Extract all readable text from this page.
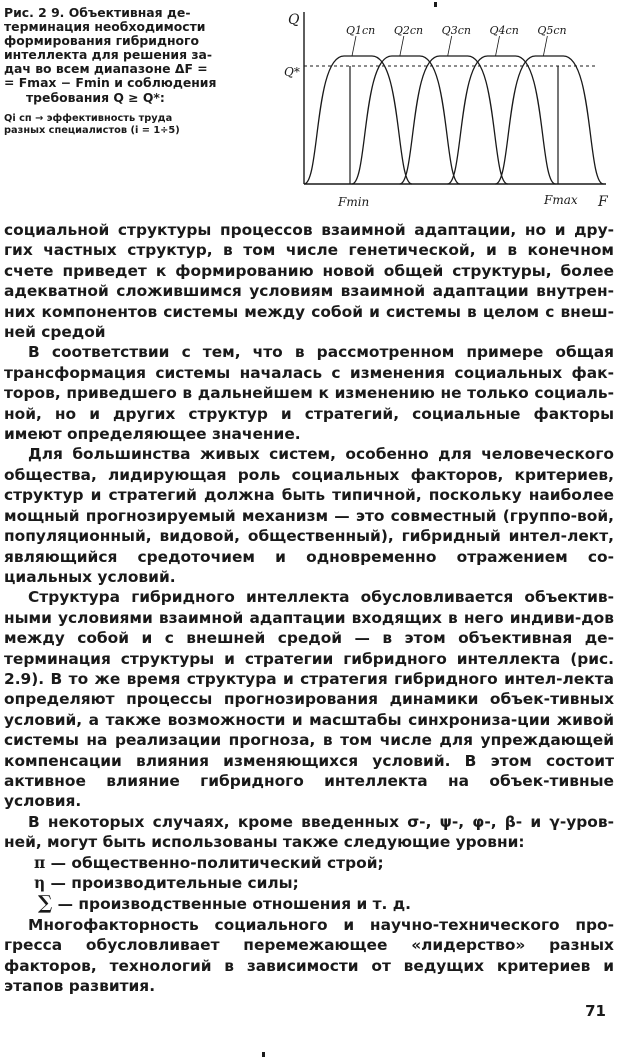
Рис. 2 9. Объективная де-
терминация необходимости
формирования гибридного
интеллекта для решения за-
дач во всем диапазоне ΔF =
= Fmax − Fmin и соблюдения
требования Q ≥ Q*:
Qi cп → эффективность труда
разных специалистов (i = 1÷5)
Q
F
Q*
Fmin	Fmax
Q1сп Q2сп Q3сп Q4сп Q5сп

социальной структуры процессов взаимной адаптации, но и дру-гих частных структур, в том числе генетической, и в конечном счете приведет к формированию новой общей структуры, более адекватной сложившимся условиям взаимной адаптации внутрен-них компонентов системы между собой и системы в целом с внеш-ней средой

В соответствии с тем, что в рассмотренном примере общая трансформация системы началась с изменения социальных фак-торов, приведшего в дальнейшем к изменению не только социаль-ной, но и других структур и стратегий, социальные факторы имеют определяющее значение.

Для большинства живых систем, особенно для человеческого общества, лидирующая роль социальных факторов, критериев, структур и стратегий должна быть типичной, поскольку наиболее мощный прогнозируемый механизм — это совместный (группо-вой, популяционный, видовой, общественный), гибридный интел-лект, являющийся средоточием и одновременно отражением со-циальных условий.

Структура гибридного интеллекта обусловливается объектив-ными условиями взаимной адаптации входящих в него индиви-дов между собой и с внешней средой — в этом объективная де-терминация структуры и стратегии гибридного интеллекта (рис. 2.9). В то же время структура и стратегия гибридного интел-лекта определяют процессы прогнозирования динамики объек-тивных условий, а также возможности и масштабы синхрониза-ции живой системы на реализации прогноза, в том числе для упреждающей компенсации влияния изменяющихся условий. В этом состоит активное влияние гибридного интеллекта на объек-тивные условия.

В некоторых случаях, кроме введенных σ-, ψ-, φ-, β- и γ-уров-ней, могут быть использованы также следующие уровни:

π — общественно-политический строй;
η — производительные силы;
∑ — производственные отношения и т. д.

Многофакторность социального и научно-технического про-гресса обусловливает перемежающее «лидерство» разных факторов, технологий в зависимости от ведущих критериев и этапов развития.

71
